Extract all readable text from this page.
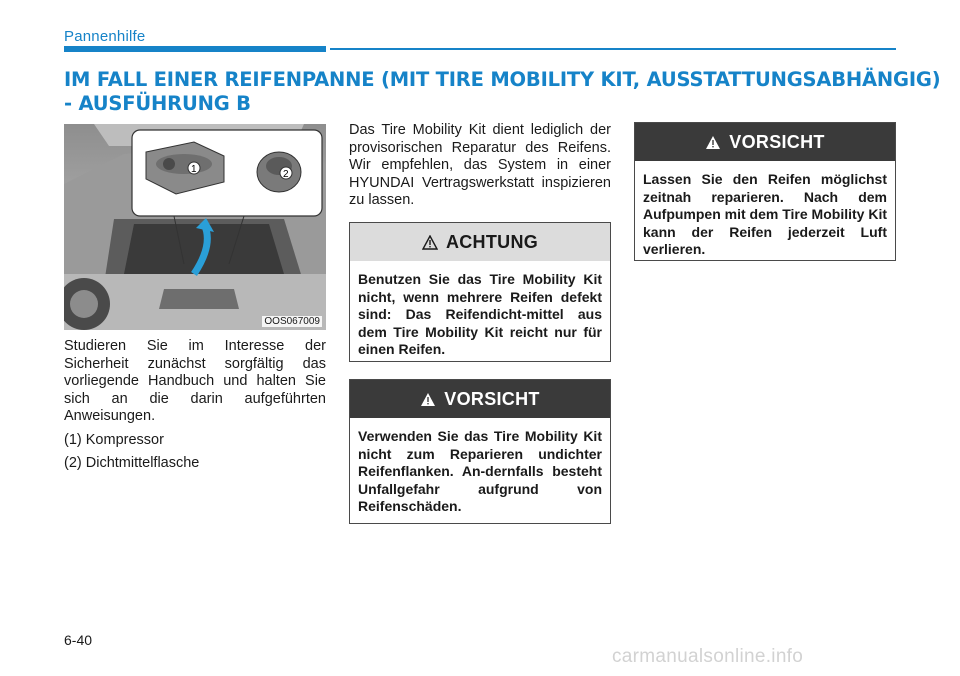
Pannenhilfe
IM FALL EINER REIFENPANNE (MIT TIRE MOBILITY KIT, AUSSTATTUNGSABHÄNGIG)
- AUSFÜHRUNG B
1	2
OOS067009

Studieren Sie im Interesse der Sicherheit zunächst sorgfältig das vorliegende Handbuch und halten Sie sich an die darin aufgeführten Anweisungen.

(1) Kompressor

(2) Dichtmittelflasche

Das Tire Mobility Kit dient lediglich der provisorischen Reparatur des Reifens. Wir empfehlen, das System in einer HYUNDAI Vertragswerkstatt inspizieren zu lassen.

ACHTUNG
Benutzen Sie das Tire Mobility Kit nicht, wenn mehrere Reifen defekt sind: Das Reifendicht-mittel aus dem Tire Mobility Kit reicht nur für einen Reifen.
VORSICHT
Verwenden Sie das Tire Mobility Kit nicht zum Reparieren undichter Reifenflanken. An-dernfalls besteht Unfallgefahr aufgrund von Reifenschäden.
VORSICHT
Lassen Sie den Reifen möglichst zeitnah reparieren. Nach dem Aufpumpen mit dem Tire Mobility Kit kann der Reifen jederzeit Luft verlieren.
6-40
carmanualsonline.info
